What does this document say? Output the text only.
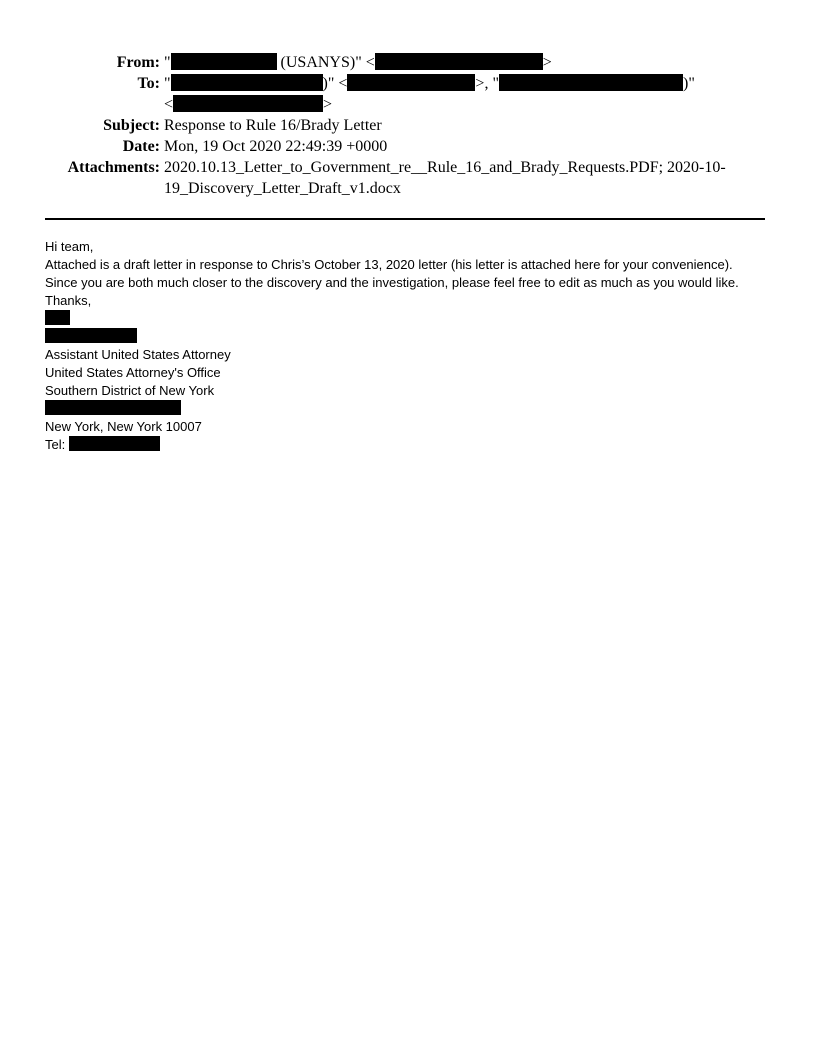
From: "	(USANYS)" <	>
To: "	)" <	>, "	)"
<	>
Subject: Response to Rule 16/Brady Letter
Date: Mon, 19 Oct 2020 22:49:39 +0000
Attachments: 2020.10.13_Letter_to_Government_re__Rule_16_and_Brady_Requests.PDF; 2020-10-
19_Discovery_Letter_Draft_v1.docx
Hi team,
Attached is a draft letter in response to Chris’s October 13, 2020 letter (his letter is attached here for your convenience).
Since you are both much closer to the discovery and the investigation, please feel free to edit as much as you would like.
Thanks,
Assistant United States Attorney
United States Attorney's Office
Southern District of New York
New York, New York 10007
Tel:
